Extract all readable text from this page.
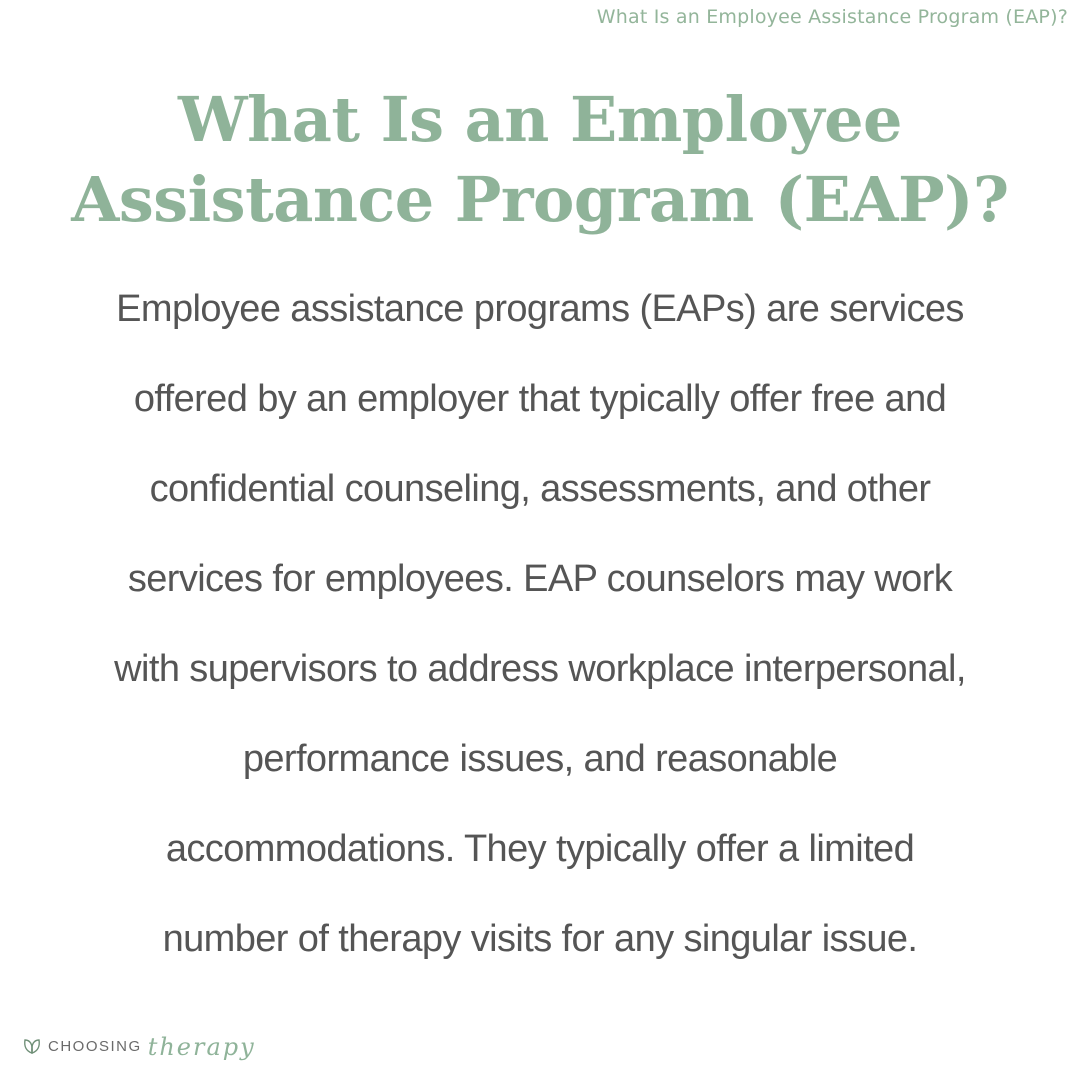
What Is an Employee Assistance Program (EAP)?
What Is an Employee
Assistance Program (EAP)?

Employee assistance programs (EAPs) are services
offered by an employer that typically offer free and
confidential counseling, assessments, and other
services for employees. EAP counselors may work
with supervisors to address workplace interpersonal,
performance issues, and reasonable
accommodations. They typically offer a limited
number of therapy visits for any singular issue.

CHOOSING therapy
